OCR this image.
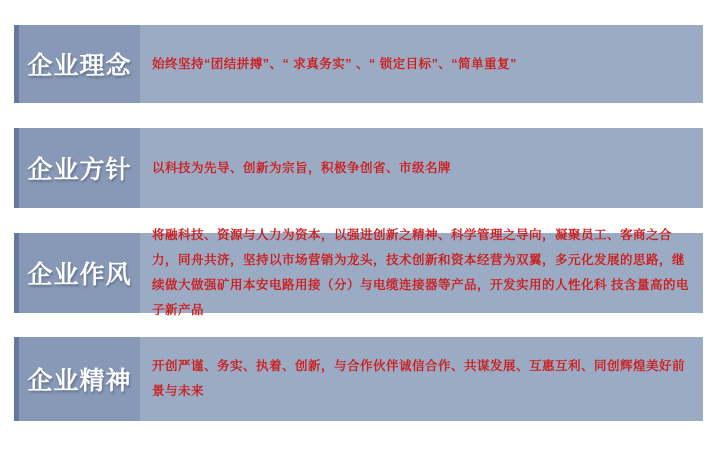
企业理念 始终坚持“团结拼搏”、“ 求真务实” 、“ 锁定目标”、“简单重复”

企业方针 以科技为先导、创新为宗旨，积极争创省、市级名牌

企业作风

将融科技、资源与人力为资本，以强进创新之精神、科学管理之导向，凝聚员工、客商之合力，同舟共济，坚持以市场营销为龙头，技术创新和资本经营为双翼，多元化发展的思路，继续做大做强矿用本安电路用接（分）与电缆连接器等产品，开发实用的人性化科 技含量高的电子新产品

企业精神

开创严谨、务实、执着、创新，与合作伙伴诚信合作、共谋发展、互惠互利、同创辉煌美好前景与未来
